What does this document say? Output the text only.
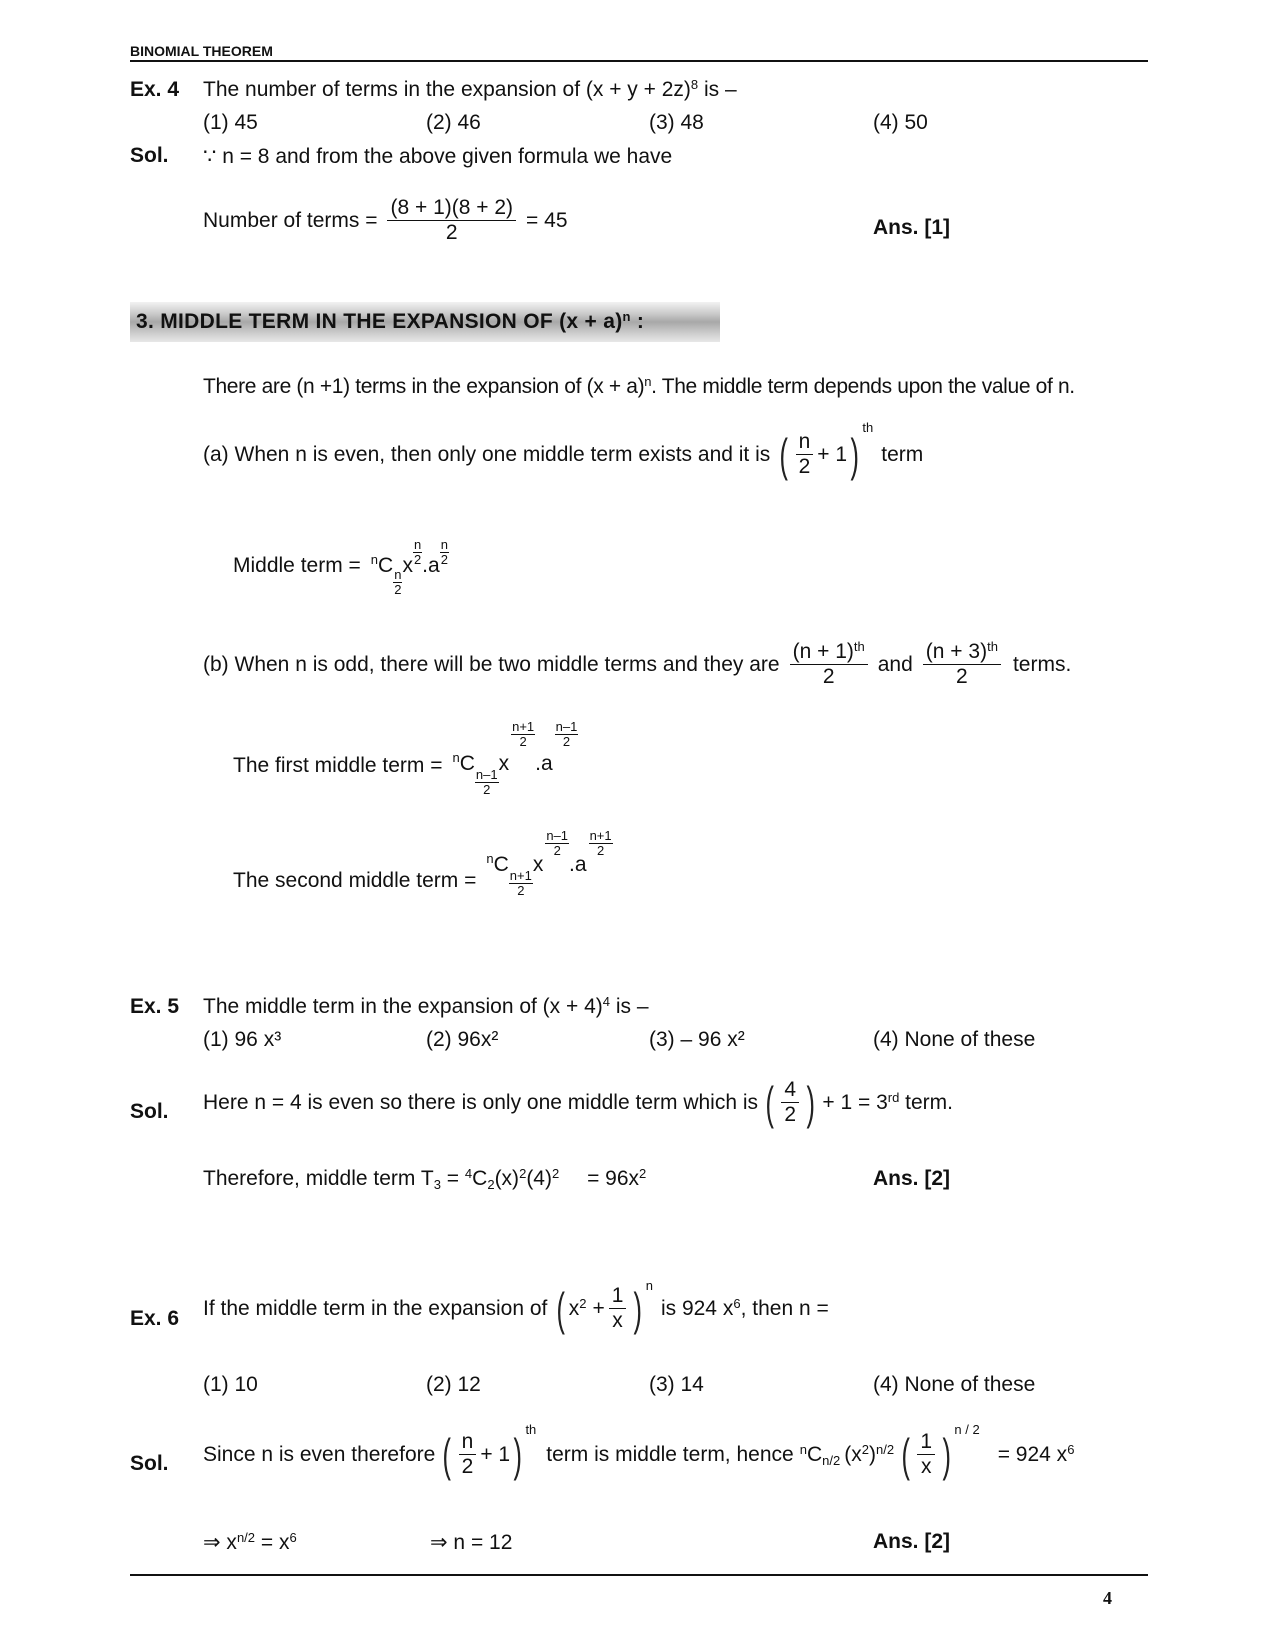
BINOMIAL THEOREM
Ex. 4 The number of terms in the expansion of $(x + y + 2z)^8$ is –
(1) 45	(2) 46	(3) 48	(4) 50
Sol. ∵ n = 8 and from the above given formula we have
Number of terms = $\frac{(8 + 1)(8 + 2)}{2} = 45$	Ans. [1]
3. MIDDLE TERM IN THE EXPANSION OF $(x + a)^n$ :
There are (n +1) terms in the expansion of $(x + a)^n$. The middle term depends upon the value of n.
(a) When n is even, then only one middle term exists and it is ( $\frac{n}{2} + 1$ )
th
term
Middle term = n C
$\frac{n}{2}$
x $\frac{n}{2} .a \frac{n}{2}$
(b) When n is odd, there will be two middle terms and they are $\frac{(n + 1)^{th}}{2}$ and $\frac{(n + 3)^{th}}{2}$ terms.
The first middle term = n C
$\frac{n-1}{2}$
x
$\frac{n+1}{2}$
.a
$\frac{n-1}{2}$
The second middle term =
n C
$\frac{n+1}{2}$
x
$\frac{n-1}{2}$
.a
$\frac{n+1}{2}$
Ex. 5 The middle term in the expansion of $(x + 4)^4$ is –
(1) 96 x³	(2) 96x²	(3) – 96 x²	(4) None of these
Sol. Here n = 4 is even so there is only one middle term which is ( $\frac{4}{2}$ ) + 1 = 3rd term.
Therefore, middle term $T_3 = ^4C_2(x)^2(4)^2 = 96x^2$	Ans. [2]
Ex. 6 If the middle term in the expansion of ( $x^2 + \frac{1}{x}$ ) n
is 924 $x^6$, then n =
(1) 10	(2) 12	(3) 14	(4) None of these
Sol. Since n is even therefore ( $\frac{n}{2} + 1$ ) th
term is middle term, hence $^nC_{n/2}$ $(x^2)^{n/2}$ ( $\frac{1}{x}$ ) n / 2
= 924 $x^6$
⇒ $x^{n/2} = x^6$	⇒ n = 12	Ans. [2]
4
